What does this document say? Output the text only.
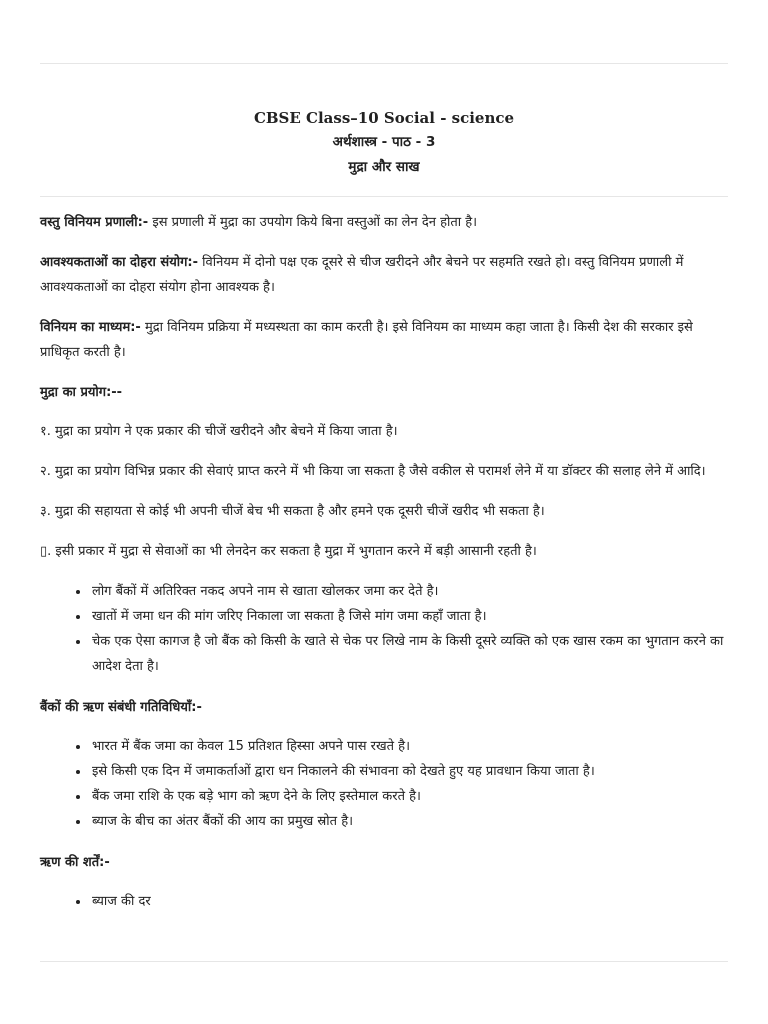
CBSE Class–10 Social - science
अर्थशास्त्र - पाठ - 3
मुद्रा और साख

वस्तु विनियम प्रणाली:- इस प्रणाली में मुद्रा का उपयोग किये बिना वस्तुओं का लेन देन होता है।

आवश्यकताओं का दोहरा संयोग:- विनियम में दोनो पक्ष एक दूसरे से चीज खरीदने और बेचने पर सहमति रखते हो। वस्तु विनियम प्रणाली में आवश्यकताओं का दोहरा संयोग होना आवश्यक है।

विनियम का माध्यम:- मुद्रा विनियम प्रक्रिया में मध्यस्थता का काम करती है। इसे विनियम का माध्यम कहा जाता है। किसी देश की सरकार इसे प्राधिकृत करती है।

मुद्रा का प्रयोग:--

१. मुद्रा का प्रयोग ने एक प्रकार की चीजें खरीदने और बेचने में किया जाता है।

२. मुद्रा का प्रयोग विभिन्न प्रकार की सेवाएं प्राप्त करने में भी किया जा सकता है जैसे वकील से परामर्श लेने में या डॉक्टर की सलाह लेने में आदि।

३. मुद्रा की सहायता से कोई भी अपनी चीजें बेच भी सकता है और हमने एक दूसरी चीजें खरीद भी सकता है।

▯. इसी प्रकार में मुद्रा से सेवाओं का भी लेनदेन कर सकता है मुद्रा में भुगतान करने में बड़ी आसानी रहती है।

• लोग बैंकों में अतिरिक्त नकद अपने नाम से खाता खोलकर जमा कर देते है।
• खातों में जमा धन की मांग जरिए निकाला जा सकता है जिसे मांग जमा कहाँ जाता है।
• चेक एक ऐसा कागज है जो बैंक को किसी के खाते से चेक पर लिखे नाम के किसी दूसरे व्यक्ति को एक खास रकम का भुगतान करने का आदेश देता है।

बैंकों की ऋण संबंधी गतिविधियाँ:-

• भारत में बैंक जमा का केवल 15 प्रतिशत हिस्सा अपने पास रखते है।
• इसे किसी एक दिन में जमाकर्ताओं द्वारा धन निकालने की संभावना को देखते हुए यह प्रावधान किया जाता है।
• बैंक जमा राशि के एक बड़े भाग को ऋण देने के लिए इस्तेमाल करते है।
• ब्याज के बीच का अंतर बैंकों की आय का प्रमुख स्रोत है।

ऋण की शर्तें:-

• ब्याज की दर
